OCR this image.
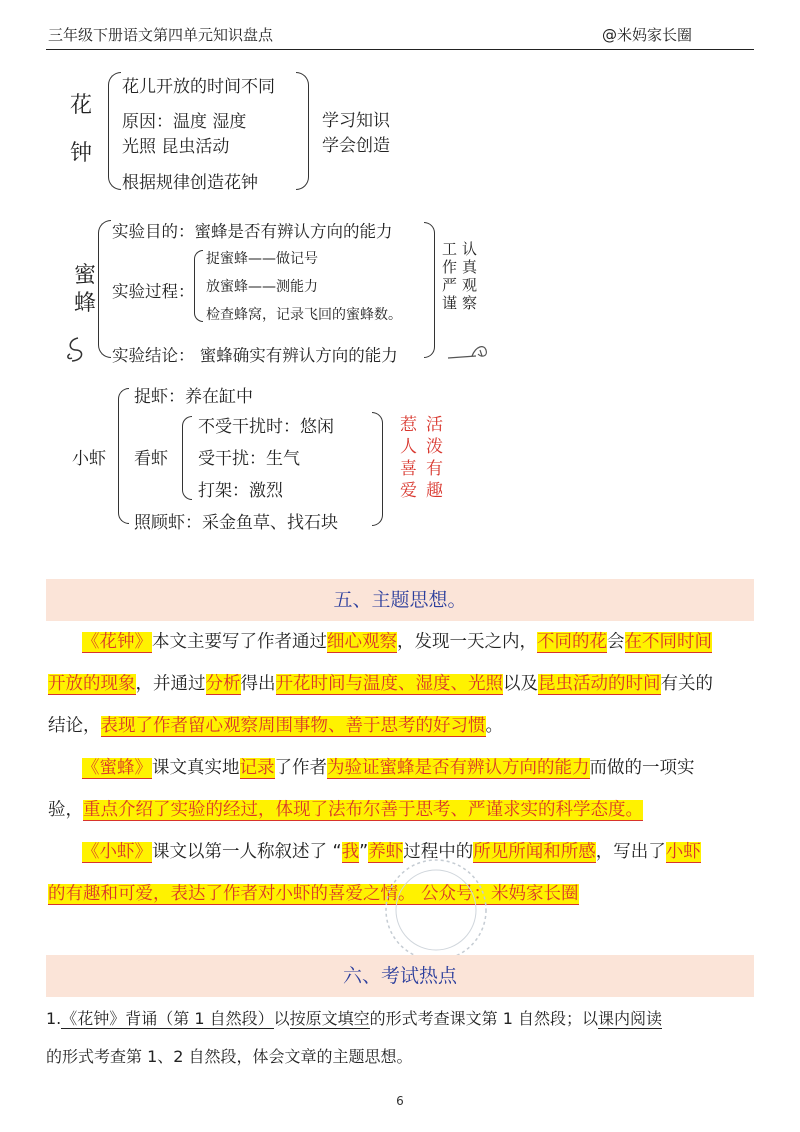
三年级下册语文第四单元知识盘点	@米妈家长圈
花
钟
花儿开放的时间不同
原因：温度 湿度
光照 昆虫活动
根据规律创造花钟
学习知识
学会创造
蜜
蜂
实验目的：蜜蜂是否有辨认方向的能力
实验过程：
捉蜜蜂——做记号
放蜜蜂——测能力
检查蜂窝，记录飞回的蜜蜂数。
实验结论： 蜜蜂确实有辨认方向的能力
工
作
严
谨
认
真
观
察
小虾
捉虾：养在缸中
看虾
不受干扰时：悠闲
受干扰：生气
打架：激烈
照顾虾：采金鱼草、找石块
惹
人
喜
爱
活
泼
有
趣
五、主题思想。
《花钟》本文主要写了作者通过细心观察，发现一天之内，不同的花会在不同时间
开放的现象，并通过分析得出开花时间与温度、湿度、光照以及昆虫活动的时间有关的
结论，表现了作者留心观察周围事物、善于思考的好习惯。
《蜜蜂》课文真实地记录了作者为验证蜜蜂是否有辨认方向的能力而做的一项实
验，重点介绍了实验的经过，体现了法布尔善于思考、严谨求实的科学态度。
《小虾》课文以第一人称叙述了 “我”养虾过程中的所见所闻和所感，写出了小虾
的有趣和可爱，表达了作者对小虾的喜爱之情。 公众号：米妈家长圈
六、考试热点
1.《花钟》背诵（第 1 自然段）以按原文填空的形式考查课文第 1 自然段；以课内阅读
的形式考查第 1、2 自然段，体会文章的主题思想。
6
